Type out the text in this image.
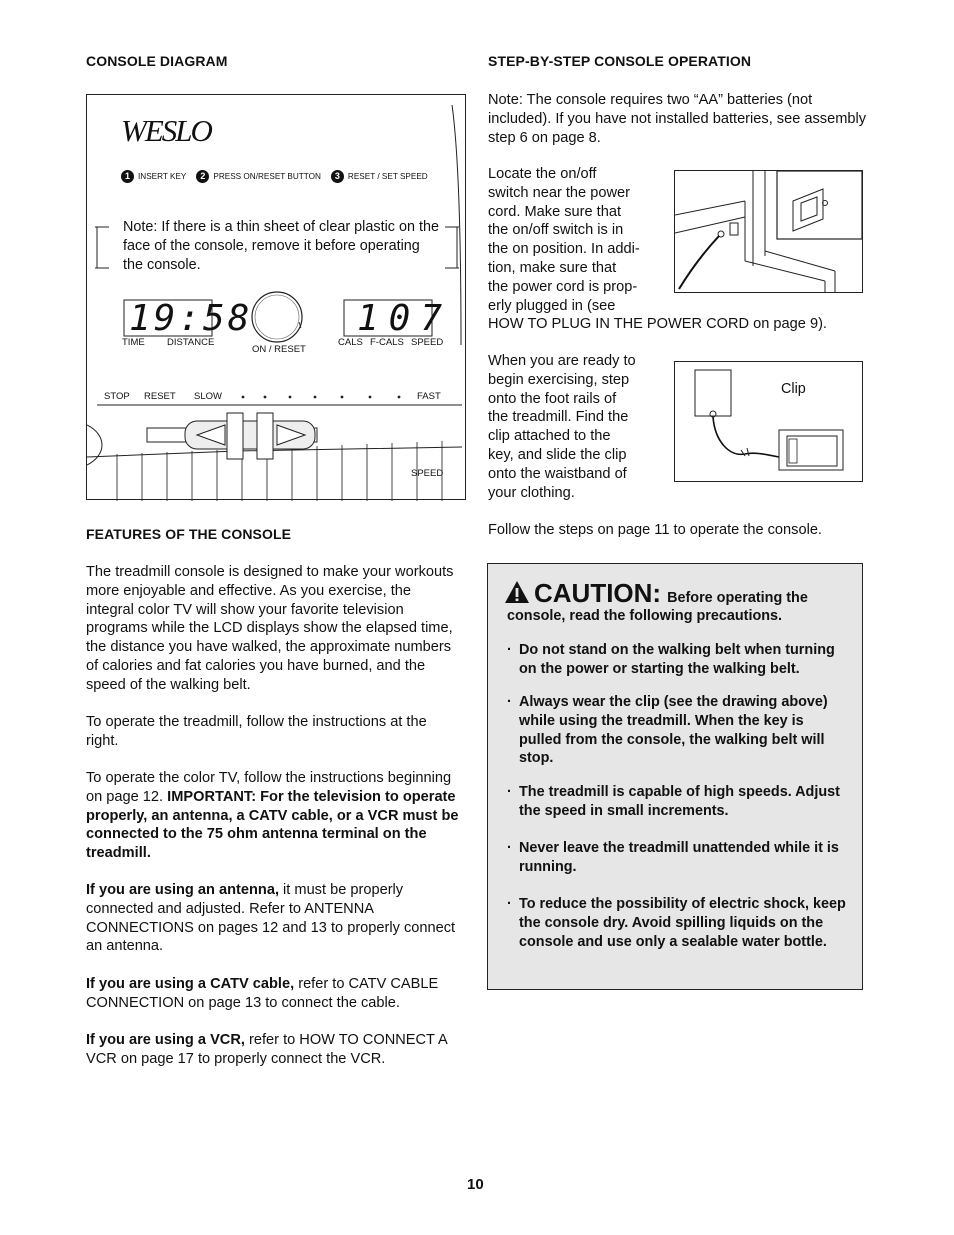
CONSOLE DIAGRAM
WESLO
1 INSERT KEY	2 PRESS ON/RESET BUTTON	3 RESET / SET SPEED
Note: If there is a thin sheet of clear plastic on the face of the console, remove it before operating the console.
19:58	107
TIME DISTANCE
ON / RESET
CALS F-CALS SPEED
STOP RESET SLOW	FAST
SPEED
FEATURES OF THE CONSOLE
The treadmill console is designed to make your workouts more enjoyable and effective. As you exercise, the integral color TV will show your favorite television programs while the LCD displays show the elapsed time, the distance you have walked, the approximate numbers of calories and fat calories you have burned, and the speed of the walking belt.
To operate the treadmill, follow the instructions at the right.
To operate the color TV, follow the instructions beginning on page 12. IMPORTANT: For the television to operate properly, an antenna, a CATV cable, or a VCR must be connected to the 75 ohm antenna terminal on the treadmill.
If you are using an antenna, it must be properly connected and adjusted. Refer to ANTENNA CONNECTIONS on pages 12 and 13 to properly connect an antenna.
If you are using a CATV cable, refer to CATV CABLE CONNECTION on page 13 to connect the cable.
If you are using a VCR, refer to HOW TO CONNECT A VCR on page 17 to properly connect the VCR.
STEP-BY-STEP CONSOLE OPERATION
Note: The console requires two “AA” batteries (not included). If you have not installed batteries, see assembly step 6 on page 8.
Locate the on/off
switch near the power
cord. Make sure that
the on/off switch is in
the on position. In addi-
tion, make sure that
the power cord is prop-
erly plugged in (see
HOW TO PLUG IN THE POWER CORD on page 9).
When you are ready to
begin exercising, step
onto the foot rails of
the treadmill. Find the
clip attached to the
key, and slide the clip
onto the waistband of
your clothing.
Clip
Follow the steps on page 11 to operate the console.
CAUTION: Before operating the
console, read the following precautions.
· Do not stand on the walking belt when turning on the power or starting the walking belt.
· Always wear the clip (see the drawing above) while using the treadmill. When the key is pulled from the console, the walking belt will stop.
· The treadmill is capable of high speeds. Adjust the speed in small increments.
· Never leave the treadmill unattended while it is running.
· To reduce the possibility of electric shock, keep the console dry. Avoid spilling liquids on the console and use only a sealable water bottle.
10
